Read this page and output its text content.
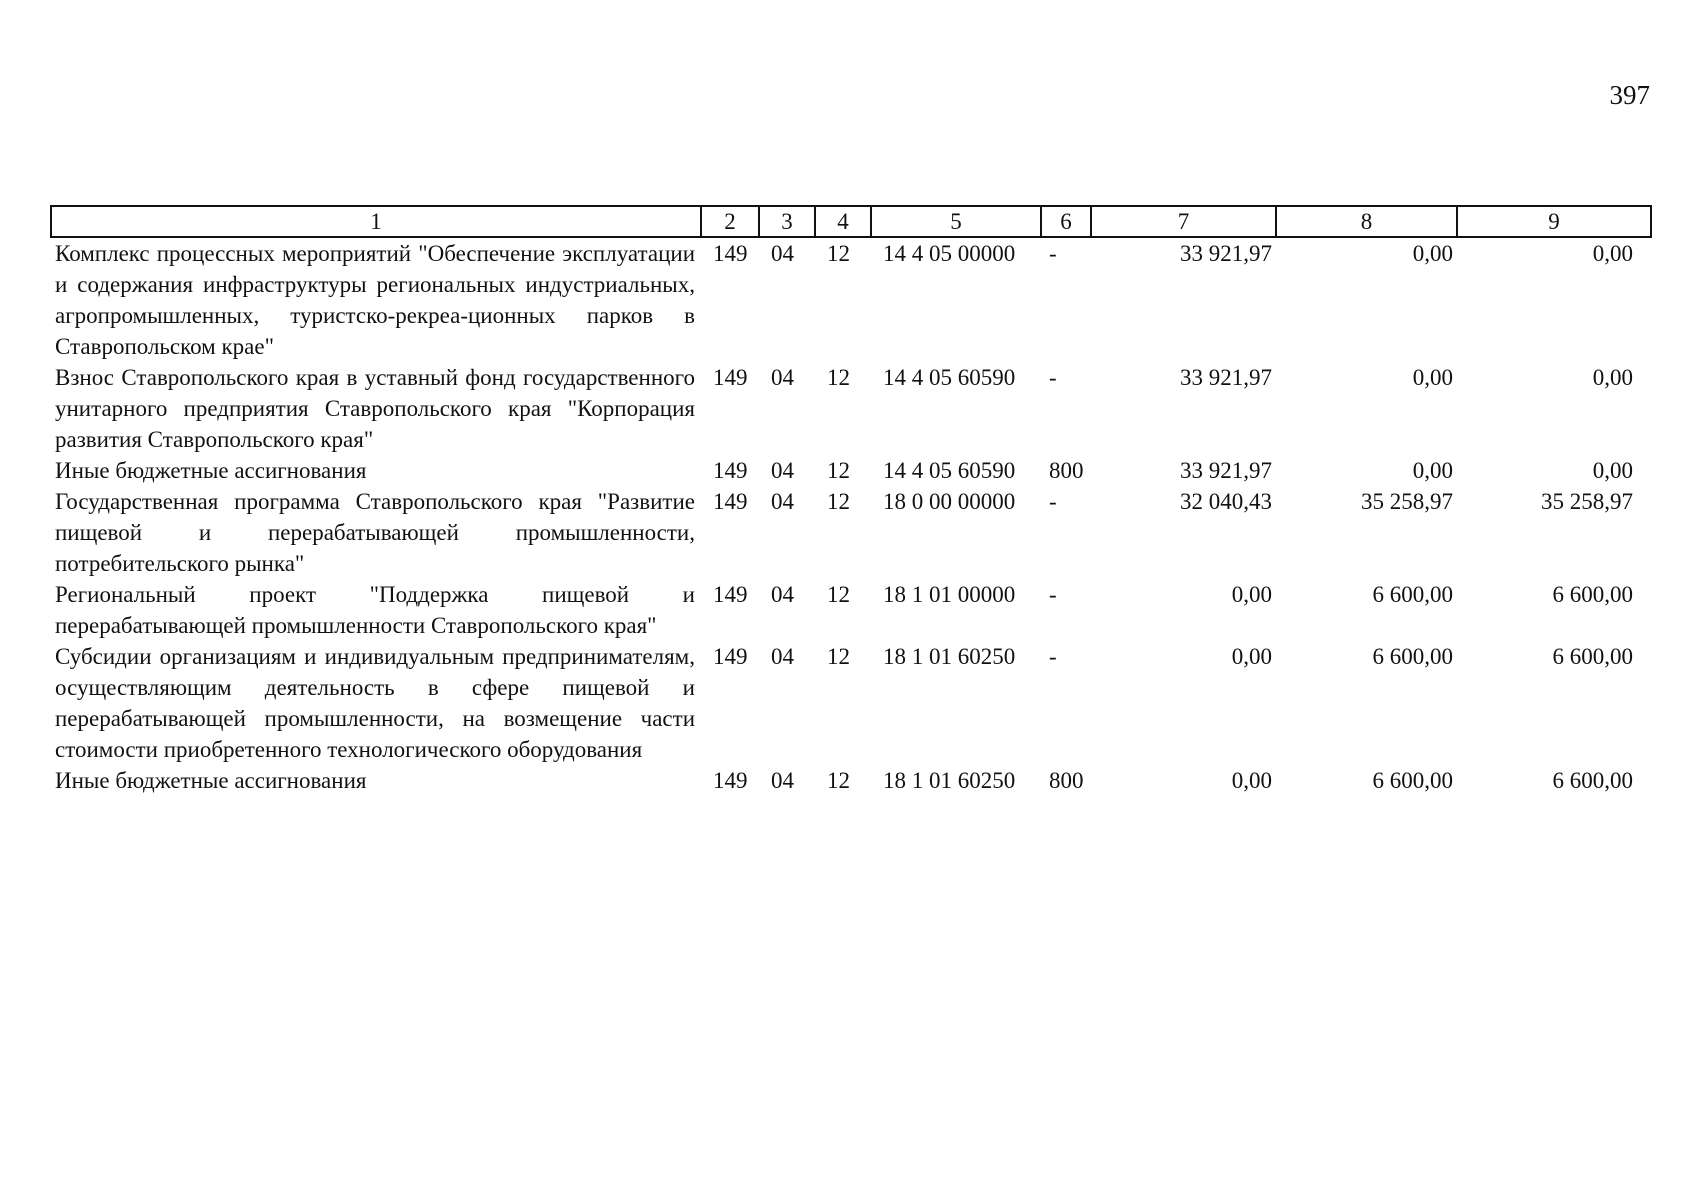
397
1	2	3	4	5	6	7	8	9
Комплекс процессных мероприятий "Обеспечение эксплуатации и содержания инфраструктуры региональных индустриальных, агропромышленных, туристско-рекреа-ционных парков в Ставропольском крае"	149	04	12	14 4 05 00000	-	33 921,97	0,00	0,00
Взнос Ставропольского края в уставный фонд государственного унитарного предприятия Ставропольского края "Корпорация развития Ставропольского края"	149	04	12	14 4 05 60590	-	33 921,97	0,00	0,00
Иные бюджетные ассигнования	149	04	12	14 4 05 60590	800	33 921,97	0,00	0,00
Государственная программа Ставропольского края "Развитие пищевой и перерабатывающей промышленности, потребительского рынка"	149	04	12	18 0 00 00000	-	32 040,43	35 258,97	35 258,97
Региональный проект "Поддержка пищевой и перерабатывающей промышленности Ставропольского края"	149	04	12	18 1 01 00000	-	0,00	6 600,00	6 600,00
Субсидии организациям и индивидуальным предпринимателям, осуществляющим деятельность в сфере пищевой и перерабатывающей промышленности, на возмещение части стоимости приобретенного технологического оборудования	149	04	12	18 1 01 60250	-	0,00	6 600,00	6 600,00
Иные бюджетные ассигнования	149	04	12	18 1 01 60250	800	0,00	6 600,00	6 600,00
